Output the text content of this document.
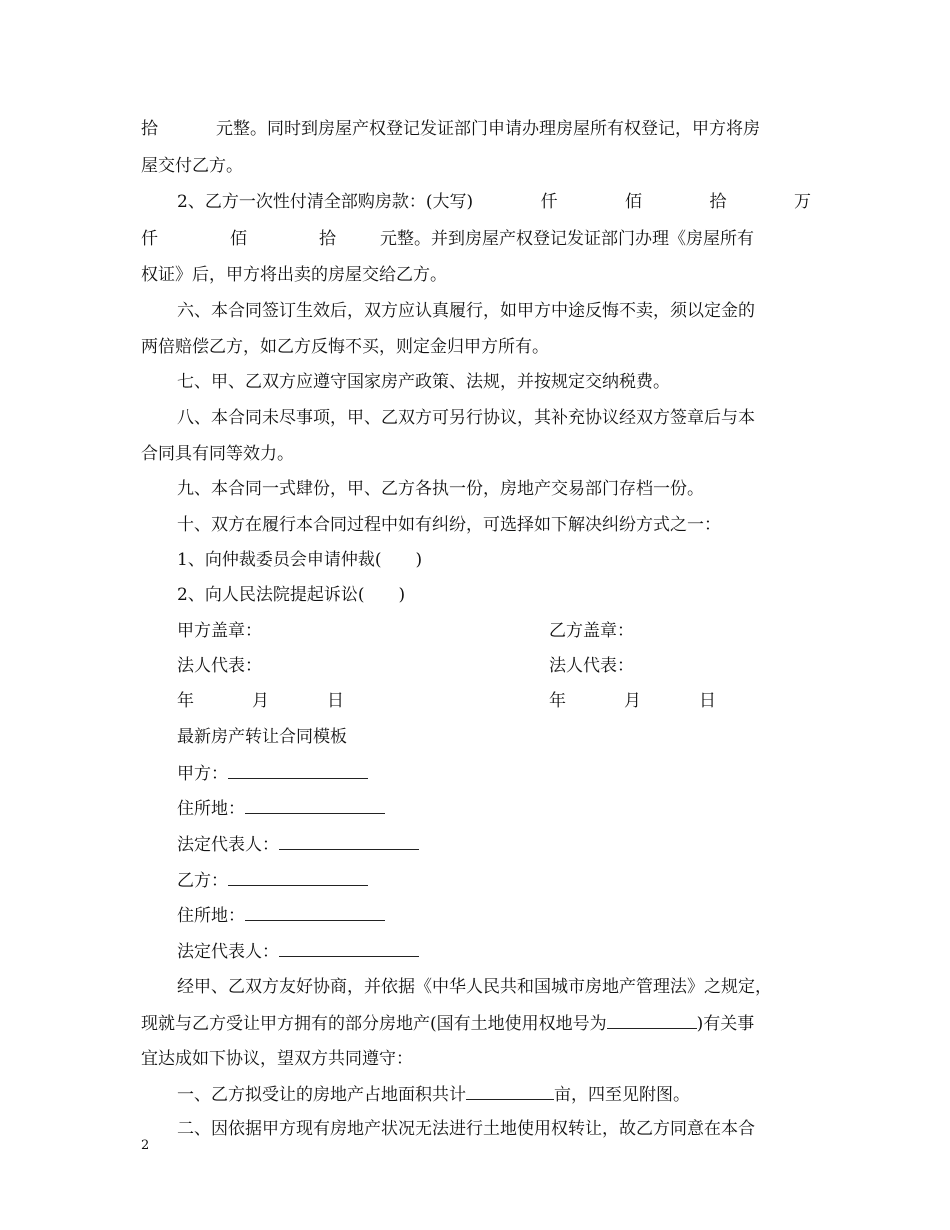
拾	元整。同时到房屋产权登记发证部门申请办理房屋所有权登记，甲方将房
屋交付乙方。
2、乙方一次性付清全部购房款：(大写)	仟	佰	拾	万
仟	佰	拾	元整。并到房屋产权登记发证部门办理《房屋所有
权证》后，甲方将出卖的房屋交给乙方。
六、本合同签订生效后，双方应认真履行，如甲方中途反悔不卖，须以定金的
两倍赔偿乙方，如乙方反悔不买，则定金归甲方所有。
七、甲、乙双方应遵守国家房产政策、法规，并按规定交纳税费。
八、本合同未尽事项，甲、乙双方可另行协议，其补充协议经双方签章后与本
合同具有同等效力。
九、本合同一式肆份，甲、乙方各执一份，房地产交易部门存档一份。
十、双方在履行本合同过程中如有纠纷，可选择如下解决纠纷方式之一：
1、向仲裁委员会申请仲裁(　　)
2、向人民法院提起诉讼(　　)
甲方盖章：	乙方盖章：
法人代表：	法人代表：
年	月	日	年	月	日
最新房产转让合同模板
甲方：
住所地：
法定代表人：
乙方：
住所地：
法定代表人：
经甲、乙双方友好协商，并依据《中华人民共和国城市房地产管理法》之规定，
现就与乙方受让甲方拥有的部分房地产(国有土地使用权地号为	)有关事
宜达成如下协议，望双方共同遵守：
一、乙方拟受让的房地产占地面积共计	亩，四至见附图。
二、因依据甲方现有房地产状况无法进行土地使用权转让，故乙方同意在本合
2
